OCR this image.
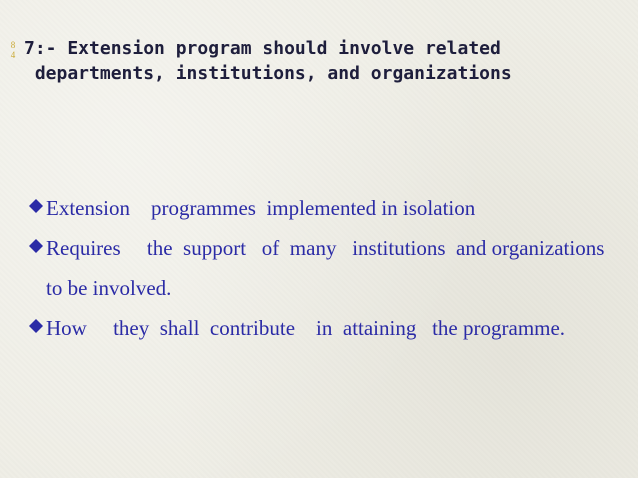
8
4 7:- Extension program should involve related
departments, institutions, and organizations
Extension    programmes  implemented in isolation
Requires     the  support   of  many   institutions  and organizations to be involved.
How     they  shall  contribute    in  attaining   the programme.
